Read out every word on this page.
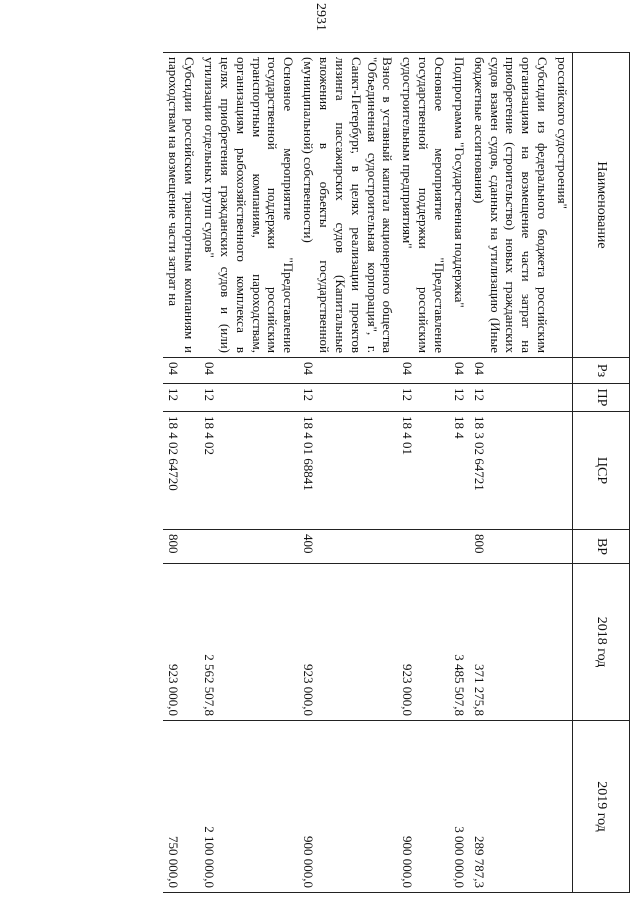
2931
Наименование	Рз	ПР	ЦСР	ВР	2018 год	2019 год
российского судостроения"						
Субсидии из федерального бюджета российским организациям на возмещение части затрат на приобретение (строительство) новых гражданских судов взамен судов, сданных на утилизацию (Иные бюджетные ассигнования)	04	12	18 3 02 64721	800	371 275,8	289 787,3
Подпрограмма "Государственная поддержка"	04	12	18 4		3 485 507,8	3 000 000,0
Основное мероприятие "Предоставление государственной поддержки российским судостроительным предприятиям"	04	12	18 4 01		923 000,0	900 000,0
Взнос в уставный капитал акционерного общества "Объединенная судостроительная корпорация", г. Санкт-Петербург, в целях реализации проектов лизинга пассажирских судов (Капитальные вложения в объекты государственной (муниципальной) собственности)	04	12	18 4 01 68841	400	923 000,0	900 000,0
Основное мероприятие "Предоставление государственной поддержки российским транспортным компаниям, пароходствам, организациям рыбохозяйственного комплекса в целях приобретения гражданских судов и (или) утилизации отдельных групп судов"	04	12	18 4 02		2 562 507,8	2 100 000,0
Субсидии российским транспортным компаниям и пароходствам на возмещение части затрат на	04	12	18 4 02 64720	800	923 000,0	750 000,0
